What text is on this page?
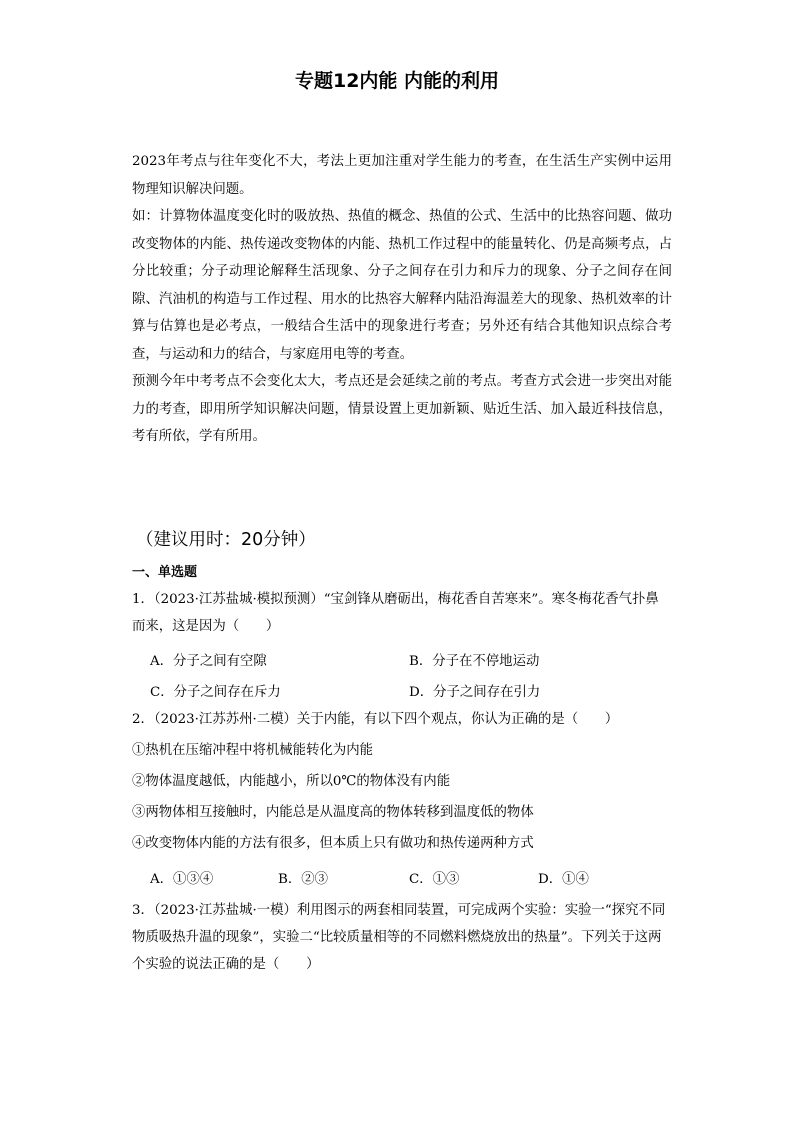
专题12内能 内能的利用

2023年考点与往年变化不大，考法上更加注重对学生能力的考查，在生活生产实例中运用物理知识解决问题。

如：计算物体温度变化时的吸放热、热值的概念、热值的公式、生活中的比热容问题、做功改变物体的内能、热传递改变物体的内能、热机工作过程中的能量转化、仍是高频考点，占分比较重；分子动理论解释生活现象、分子之间存在引力和斥力的现象、分子之间存在间隙、汽油机的构造与工作过程、用水的比热容大解释内陆沿海温差大的现象、热机效率的计算与估算也是必考点，一般结合生活中的现象进行考查；另外还有结合其他知识点综合考查，与运动和力的结合，与家庭用电等的考查。

预测今年中考考点不会变化太大，考点还是会延续之前的考点。考查方式会进一步突出对能力的考查，即用所学知识解决问题，情景设置上更加新颖、贴近生活、加入最近科技信息，考有所依，学有所用。

（建议用时：20分钟）
一、单选题

1．（2023·江苏盐城·模拟预测）“宝剑锋从磨砺出，梅花香自苦寒来”。寒冬梅花香气扑鼻而来，这是因为（　　）

A．分子之间有空隙	B．分子在不停地运动
C．分子之间存在斥力	D．分子之间存在引力

2．（2023·江苏苏州·二模）关于内能，有以下四个观点，你认为正确的是（　　）

①热机在压缩冲程中将机械能转化为内能

②物体温度越低，内能越小，所以0℃的物体没有内能

③两物体相互接触时，内能总是从温度高的物体转移到温度低的物体

④改变物体内能的方法有很多，但本质上只有做功和热传递两种方式

A．①③④	B．②③	C．①③	D．①④

3．（2023·江苏盐城·一模）利用图示的两套相同装置，可完成两个实验：实验一“探究不同物质吸热升温的现象”，实验二“比较质量相等的不同燃料燃烧放出的热量”。下列关于这两个实验的说法正确的是（　　）
